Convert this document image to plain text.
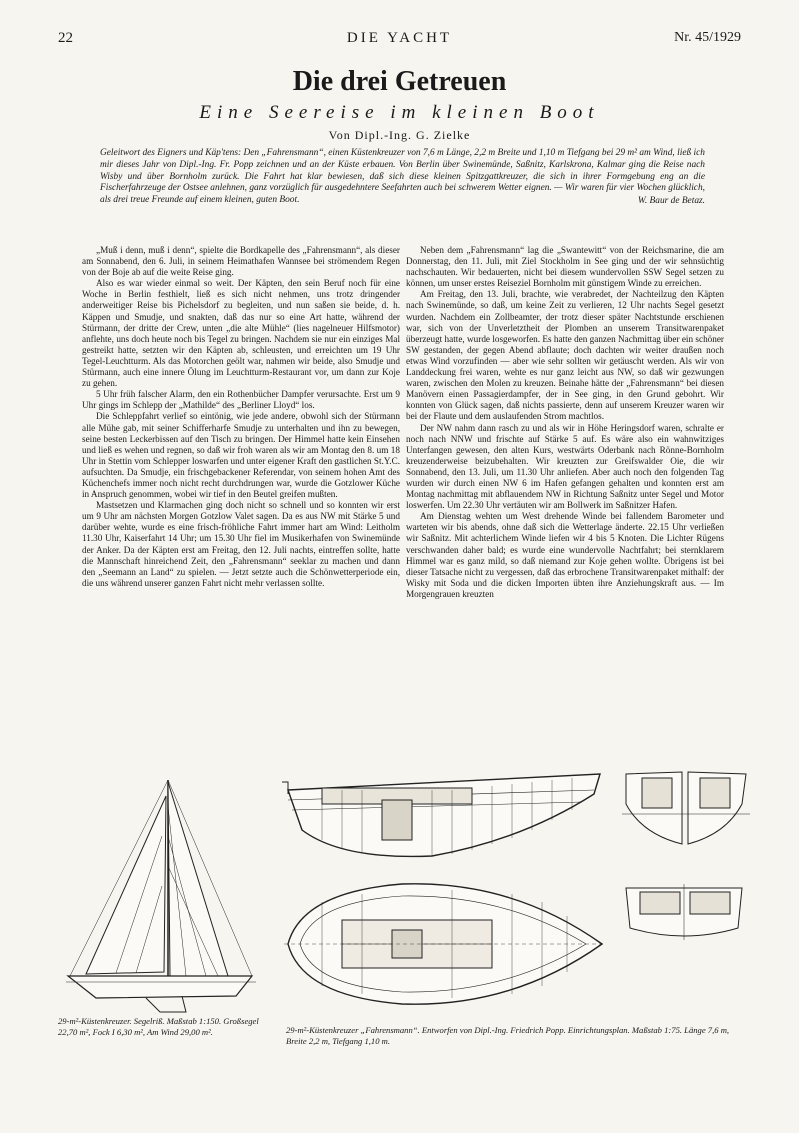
22	DIE YACHT	Nr. 45/1929
Die drei Getreuen
Eine Seereise im kleinen Boot
Von Dipl.-Ing. G. Zielke
Geleitwort des Eigners und Käp'tens: Den „Fahrensmann“, einen Küstenkreuzer von 7,6 m Länge, 2,2 m Breite und 1,10 m Tiefgang bei 29 m² am Wind, ließ ich mir dieses Jahr von Dipl.-Ing. Fr. Popp zeichnen und an der Küste erbauen. Von Berlin über Swinemünde, Saßnitz, Karlskrona, Kalmar ging die Reise nach Wisby und über Bornholm zurück. Die Fahrt hat klar bewiesen, daß sich diese kleinen Spitzgattkreuzer, die sich in ihrer Formgebung eng an die Fischerfahrzeuge der Ostsee anlehnen, ganz vorzüglich für ausgedehntere Seefahrten auch bei schwerem Wetter eignen. — Wir waren für vier Wochen glücklich, als drei treue Freunde auf einem kleinen, guten Boot.	W. Baur de Betaz.

„Muß i denn, muß i denn“, spielte die Bordkapelle des „Fahrensmann“, als dieser am Sonnabend, den 6. Juli, in seinem Heimathafen Wannsee bei strömendem Regen von der Boje ab auf die weite Reise ging.

Also es war wieder einmal so weit. Der Käpten, den sein Beruf noch für eine Woche in Berlin festhielt, ließ es sich nicht nehmen, uns trotz dringender anderweitiger Reise bis Pichelsdorf zu begleiten, und nun saßen sie beide, d. h. Käppen und Smudje, und snakten, daß das nur so eine Art hatte, während der Stürmann, der dritte der Crew, unten „die alte Mühle“ (lies nagelneuer Hilfsmotor) anflehte, uns doch heute noch bis Tegel zu bringen. Nachdem sie nur ein einziges Mal gestreikt hatte, setzten wir den Käpten ab, schleusten, und erreichten um 19 Uhr Tegel-Leuchtturm. Als das Motorchen geölt war, nahmen wir beide, also Smudje und Stürmann, auch eine innere Ölung im Leuchtturm-Restaurant vor, um dann zur Koje zu gehen.

5 Uhr früh falscher Alarm, den ein Rothenbücher Dampfer verursachte. Erst um 9 Uhr gings im Schlepp der „Mathilde“ des „Berliner Lloyd“ los.

Die Schleppfahrt verlief so eintönig, wie jede andere, obwohl sich der Stürmann alle Mühe gab, mit seiner Schifferharfe Smudje zu unterhalten und ihn zu bewegen, seine besten Leckerbissen auf den Tisch zu bringen. Der Himmel hatte kein Einsehen und ließ es wehen und regnen, so daß wir froh waren als wir am Montag den 8. um 18 Uhr in Stettin vom Schlepper loswarfen und unter eigener Kraft den gastlichen St.Y.C. aufsuchten. Da Smudje, ein frischgebackener Referendar, von seinem hohen Amt des Küchenchefs immer noch nicht recht durchdrungen war, wurde die Gotzlower Küche in Anspruch genommen, wobei wir tief in den Beutel greifen mußten.

Mastsetzen und Klarmachen ging doch nicht so schnell und so konnten wir erst um 9 Uhr am nächsten Morgen Gotzlow Valet sagen. Da es aus NW mit Stärke 5 und darüber wehte, wurde es eine frisch-fröhliche Fahrt immer hart am Wind: Leitholm 11.30 Uhr, Kaiserfahrt 14 Uhr; um 15.30 Uhr fiel im Musikerhafen von Swinemünde der Anker. Da der Käpten erst am Freitag, den 12. Juli nachts, eintreffen sollte, hatte die Mannschaft hinreichend Zeit, den „Fahrensmann“ seeklar zu machen und dann den „Seemann an Land“ zu spielen. — Jetzt setzte auch die Schönwetterperiode ein, die uns während unserer ganzen Fahrt nicht mehr verlassen sollte.

Neben dem „Fahrensmann“ lag die „Swantewitt“ von der Reichsmarine, die am Donnerstag, den 11. Juli, mit Ziel Stockholm in See ging und der wir sehnsüchtig nachschauten. Wir bedauerten, nicht bei diesem wundervollen SSW Segel setzen zu können, um unser erstes Reiseziel Bornholm mit günstigem Winde zu erreichen.

Am Freitag, den 13. Juli, brachte, wie verabredet, der Nachteilzug den Käpten nach Swinemünde, so daß, um keine Zeit zu verlieren, 12 Uhr nachts Segel gesetzt wurden. Nachdem ein Zollbeamter, der trotz dieser später Nachtstunde erschienen war, sich von der Unverletztheit der Plomben an unserem Transitwarenpaket überzeugt hatte, wurde losgeworfen. Es hatte den ganzen Nachmittag über ein schöner SW gestanden, der gegen Abend abflaute; doch dachten wir weiter draußen noch etwas Wind vorzufinden — aber wie sehr sollten wir getäuscht werden. Als wir von Landdeckung frei waren, wehte es nur ganz leicht aus NW, so daß wir gezwungen waren, zwischen den Molen zu kreuzen. Beinahe hätte der „Fahrensmann“ bei diesen Manövern einen Passagierdampfer, der in See ging, in den Grund gebohrt. Wir konnten von Glück sagen, daß nichts passierte, denn auf unserem Kreuzer waren wir bei der Flaute und dem auslaufenden Strom machtlos.

Der NW nahm dann rasch zu und als wir in Höhe Heringsdorf waren, schralte er noch nach NNW und frischte auf Stärke 5 auf. Es wäre also ein wahnwitziges Unterfangen gewesen, den alten Kurs, westwärts Oderbank nach Rönne-Bornholm kreuzenderweise beizubehalten. Wir kreuzten zur Greifswalder Oie, die wir Sonnabend, den 13. Juli, um 11.30 Uhr anliefen. Aber auch noch den folgenden Tag wurden wir durch einen NW 6 im Hafen gefangen gehalten und konnten erst am Montag nachmittag mit abflauendem NW in Richtung Saßnitz unter Segel und Motor loswerfen. Um 22.30 Uhr vertäuten wir am Bollwerk im Saßnitzer Hafen.

Am Dienstag wehten um West drehende Winde bei fallendem Barometer und warteten wir bis abends, ohne daß sich die Wetterlage änderte. 22.15 Uhr verließen wir Saßnitz. Mit achterlichem Winde liefen wir 4 bis 5 Knoten. Die Lichter Rügens verschwanden daher bald; es wurde eine wundervolle Nachtfahrt; bei sternklarem Himmel war es ganz mild, so daß niemand zur Koje gehen wollte. Übrigens ist bei dieser Tatsache nicht zu vergessen, daß das erbrochene Transitwarenpaket mithalf: der Wisky mit Soda und die dicken Importen übten ihre Anziehungskraft aus. — Im Morgengrauen kreuzten

29-m²-Küstenkreuzer. Segelriß. Maßstab 1:150. Großsegel 22,70 m², Fock I 6,30 m², Am Wind 29,00 m².	29-m²-Küstenkreuzer „Fahrensmann“. Entworfen von Dipl.-Ing. Friedrich Popp. Einrichtungsplan. Maßstab 1:75. Länge 7,6 m, Breite 2,2 m, Tiefgang 1,10 m.
